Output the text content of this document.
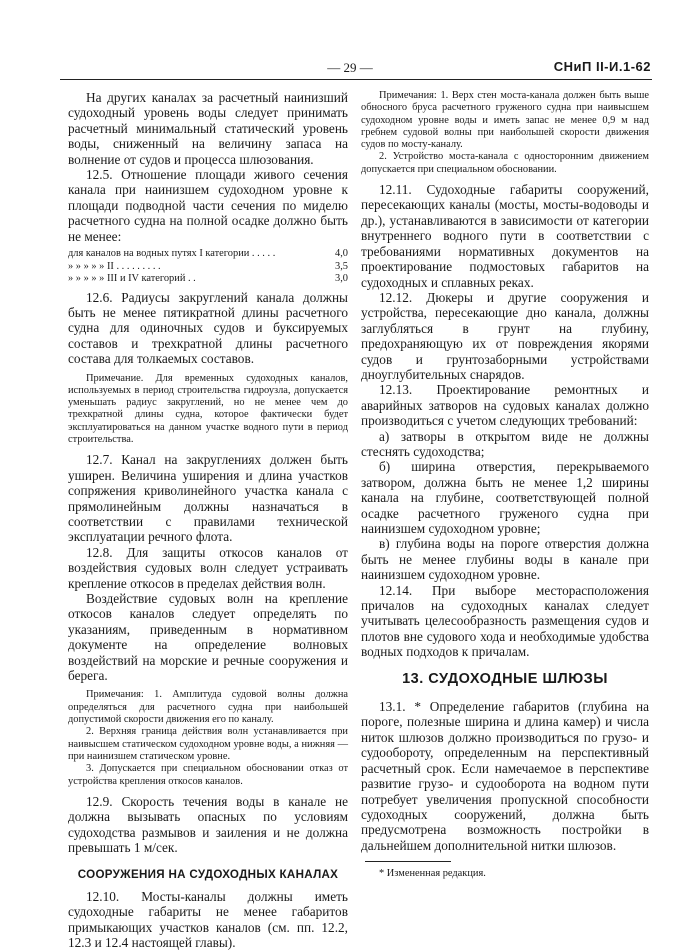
— 29 —	СНиП II-И.1-62

На других каналах за расчетный наинизший судоходный уровень воды следует принимать расчетный минимальный статический уровень воды, сниженный на величину запаса на волнение от судов и процесса шлюзования.

12.5. Отношение площади живого сечения канала при наинизшем судоходном уровне к площади подводной части сечения по миделю расчетного судна на полной осадке должно быть не менее:

для каналов на водных путях I категории . . . . .	4,0
» » » » » II . . . . . . . . .	3,5
» » » » » III и IV категорий . .	3,0

12.6. Радиусы закруглений канала должны быть не менее пятикратной длины расчетного судна для одиночных судов и буксируемых составов и трехкратной длины расчетного состава для толкаемых составов.

Примечание. Для временных судоходных каналов, используемых в период строительства гидроузла, допускается уменьшать радиус закруглений, но не менее чем до трехкратной длины судна, которое фактически будет эксплуатироваться на данном участке водного пути в период строительства.

12.7. Канал на закруглениях должен быть уширен. Величина уширения и длина участков сопряжения криволинейного участка канала с прямолинейным должны назначаться в соответствии с правилами технической эксплуатации речного флота.

12.8. Для защиты откосов каналов от воздействия судовых волн следует устраивать крепление откосов в пределах действия волн.

Воздействие судовых волн на крепление откосов каналов следует определять по указаниям, приведенным в нормативном документе на определение волновых воздействий на морские и речные сооружения и берега.

Примечания: 1. Амплитуда судовой волны должна определяться для расчетного судна при наибольшей допустимой скорости движения его по каналу.

2. Верхняя граница действия волн устанавливается при наивысшем статическом судоходном уровне воды, а нижняя — при наинизшем статическом уровне.

3. Допускается при специальном обосновании отказ от устройства крепления откосов каналов.

12.9. Скорость течения воды в канале не должна вызывать опасных по условиям судоходства размывов и заиления и не должна превышать 1 м/сек.

СООРУЖЕНИЯ НА СУДОХОДНЫХ КАНАЛАХ

12.10. Мосты-каналы должны иметь судоходные габариты не менее габаритов примыкающих участков каналов (см. пп. 12.2, 12.3 и 12.4 настоящей главы).

Примечания: 1. Верх стен моста-канала должен быть выше обносного бруса расчетного груженого судна при наивысшем судоходном уровне воды и иметь запас не менее 0,9 м над гребнем судовой волны при наибольшей скорости движения судов по мосту-каналу.

2. Устройство моста-канала с односторонним движением допускается при специальном обосновании.

12.11. Судоходные габариты сооружений, пересекающих каналы (мосты, мосты-водоводы и др.), устанавливаются в зависимости от категории внутреннего водного пути в соответствии с требованиями нормативных документов на проектирование подмостовых габаритов на судоходных и сплавных реках.

12.12. Дюкеры и другие сооружения и устройства, пересекающие дно канала, должны заглубляться в грунт на глубину, предохраняющую их от повреждения якорями судов и грунтозаборными устройствами дноуглубительных снарядов.

12.13. Проектирование ремонтных и аварийных затворов на судовых каналах должно производиться с учетом следующих требований:

а) затворы в открытом виде не должны стеснять судоходства;

б) ширина отверстия, перекрываемого затвором, должна быть не менее 1,2 ширины канала на глубине, соответствующей полной осадке расчетного груженого судна при наинизшем судоходном уровне;

в) глубина воды на пороге отверстия должна быть не менее глубины воды в канале при наинизшем судоходном уровне.

12.14. При выборе месторасположения причалов на судоходных каналах следует учитывать целесообразность размещения судов и плотов вне судового хода и необходимые удобства водных подходов к причалам.

13. СУДОХОДНЫЕ ШЛЮЗЫ

13.1. * Определение габаритов (глубина на пороге, полезные ширина и длина камер) и числа ниток шлюзов должно производиться по грузо- и судообороту, определенным на перспективный расчетный срок. Если намечаемое в перспективе развитие грузо- и судооборота на водном пути потребует увеличения пропускной способности судоходных сооружений, должна быть предусмотрена возможность постройки в дальнейшем дополнительной нитки шлюзов.

* Измененная редакция.
